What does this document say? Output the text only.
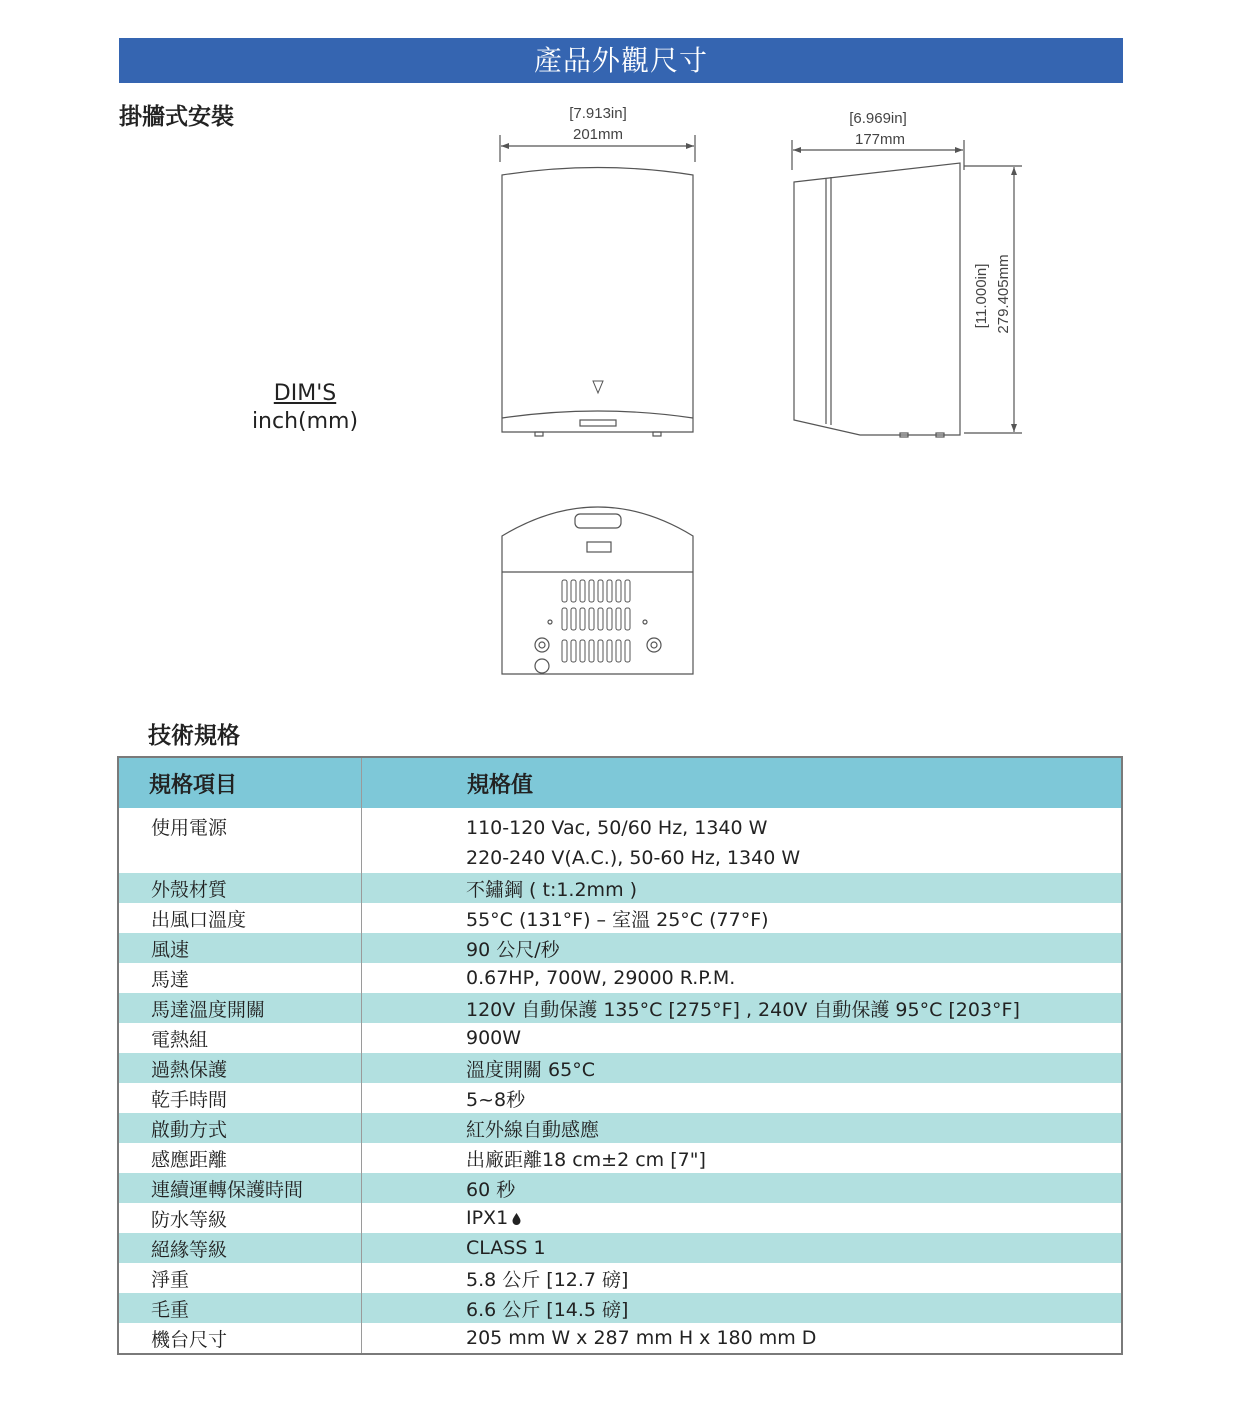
產品外觀尺寸
掛牆式安裝
DIM'S
inch(mm)
[7.913in]
201mm
[6.969in]
177mm
[11.000in] 279.405mm
技術規格
規格項目	規格值
使用電源	110-120 Vac, 50/60 Hz, 1340 W
220-240 V(A.C.), 50-60 Hz, 1340 W

外殼材質	不鏽鋼 ( t:1.2mm )
出風口溫度	55°C (131°F) – 室溫 25°C (77°F)
風速	90 公尺/秒
馬達	0.67HP, 700W, 29000 R.P.M.
馬達溫度開關	120V 自動保護 135°C [275°F] , 240V 自動保護 95°C [203°F]
電熱組	900W
過熱保護	溫度開關 65°C
乾手時間	5~8秒
啟動方式	紅外線自動感應
感應距離	出廠距離18 cm±2 cm [7"]
連續運轉保護時間	60 秒
防水等級	IPX1
絕緣等級	CLASS 1
淨重	5.8 公斤 [12.7 磅]
毛重	6.6 公斤 [14.5 磅]
機台尺寸	205 mm W x 287 mm H x 180 mm D
